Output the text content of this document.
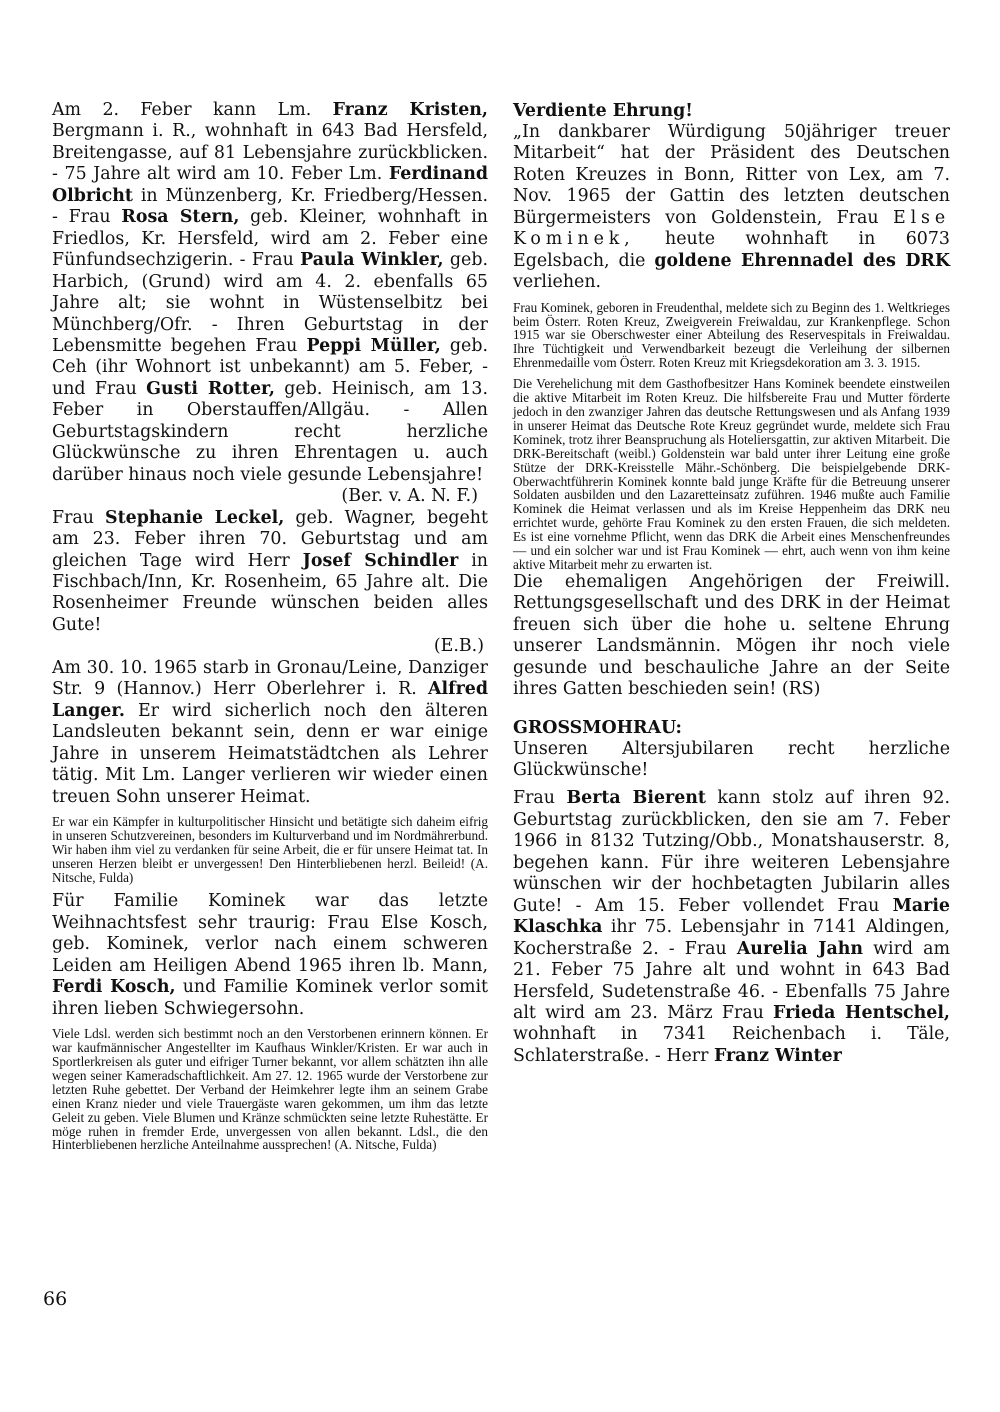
Am 2. Feber kann Lm. Franz Kristen, Bergmann i. R., wohnhaft in 643 Bad Hersfeld, Breitengasse, auf 81 Lebensjahre zurückblicken. - 75 Jahre alt wird am 10. Feber Lm. Ferdinand Olbricht in Münzenberg, Kr. Friedberg/Hessen. - Frau Rosa Stern, geb. Kleiner, wohnhaft in Friedlos, Kr. Hersfeld, wird am 2. Feber eine Fünfundsechzigerin. - Frau Paula Winkler, geb. Harbich, (Grund) wird am 4. 2. ebenfalls 65 Jahre alt; sie wohnt in Wüstenselbitz bei Münchberg/Ofr. - Ihren Geburtstag in der Lebensmitte begehen Frau Peppi Müller, geb. Ceh (ihr Wohnort ist unbekannt) am 5. Feber, - und Frau Gusti Rotter, geb. Heinisch, am 13. Feber in Oberstauffen/Allgäu. - Allen Geburtstagskindern recht herzliche Glückwünsche zu ihren Ehrentagen u. auch darüber hinaus noch viele gesunde Lebensjahre!

(Ber. v. A. N. F.)

Frau Stephanie Leckel, geb. Wagner, begeht am 23. Feber ihren 70. Geburtstag und am gleichen Tage wird Herr Josef Schindler in Fischbach/Inn, Kr. Rosenheim, 65 Jahre alt. Die Rosenheimer Freunde wünschen beiden alles Gute!

(E.B.)

Am 30. 10. 1965 starb in Gronau/Leine, Danziger Str. 9 (Hannov.) Herr Oberlehrer i. R. Alfred Langer. Er wird sicherlich noch den älteren Landsleuten bekannt sein, denn er war einige Jahre in unserem Heimatstädtchen als Lehrer tätig. Mit Lm. Langer verlieren wir wieder einen treuen Sohn unserer Heimat.

Er war ein Kämpfer in kulturpolitischer Hinsicht und betätigte sich daheim eifrig in unseren Schutzvereinen, besonders im Kulturverband und im Nordmährerbund. Wir haben ihm viel zu verdanken für seine Arbeit, die er für unsere Heimat tat. In unseren Herzen bleibt er unvergessen! Den Hinterbliebenen herzl. Beileid! (A. Nitsche, Fulda)

Für Familie Kominek war das letzte Weihnachtsfest sehr traurig: Frau Else Kosch, geb. Kominek, verlor nach einem schweren Leiden am Heiligen Abend 1965 ihren lb. Mann, Ferdi Kosch, und Familie Kominek verlor somit ihren lieben Schwiegersohn.

Viele Ldsl. werden sich bestimmt noch an den Verstorbenen erinnern können. Er war kaufmännischer Angestellter im Kaufhaus Winkler/Kristen. Er war auch in Sportlerkreisen als guter und eifriger Turner bekannt, vor allem schätzten ihn alle wegen seiner Kameradschaftlichkeit. Am 27. 12. 1965 wurde der Verstorbene zur letzten Ruhe gebettet. Der Verband der Heimkehrer legte ihm an seinem Grabe einen Kranz nieder und viele Trauergäste waren gekommen, um ihm das letzte Geleit zu geben. Viele Blumen und Kränze schmückten seine letzte Ruhestätte. Er möge ruhen in fremder Erde, unvergessen von allen bekannt. Ldsl., die den Hinterbliebenen herzliche Anteilnahme aussprechen! (A. Nitsche, Fulda)

Verdiente Ehrung!

„In dankbarer Würdigung 50jähriger treuer Mitarbeit“ hat der Präsident des Deutschen Roten Kreuzes in Bonn, Ritter von Lex, am 7. Nov. 1965 der Gattin des letzten deutschen Bürgermeisters von Goldenstein, Frau Else Kominek, heute wohnhaft in 6073 Egelsbach, die goldene Ehrennadel des DRK verliehen.

Frau Kominek, geboren in Freudenthal, meldete sich zu Beginn des 1. Weltkrieges beim Österr. Roten Kreuz, Zweigverein Freiwaldau, zur Krankenpflege. Schon 1915 war sie Oberschwester einer Abteilung des Reservespitals in Freiwaldau. Ihre Tüchtigkeit und Verwendbarkeit bezeugt die Verleihung der silbernen Ehrenmedaille vom Österr. Roten Kreuz mit Kriegsdekoration am 3. 3. 1915.

Die Verehelichung mit dem Gasthofbesitzer Hans Kominek beendete einstweilen die aktive Mitarbeit im Roten Kreuz. Die hilfsbereite Frau und Mutter förderte jedoch in den zwanziger Jahren das deutsche Rettungswesen und als Anfang 1939 in unserer Heimat das Deutsche Rote Kreuz gegründet wurde, meldete sich Frau Kominek, trotz ihrer Beanspruchung als Hoteliersgattin, zur aktiven Mitarbeit. Die DRK-Bereitschaft (weibl.) Goldenstein war bald unter ihrer Leitung eine große Stütze der DRK-Kreisstelle Mähr.-Schönberg. Die beispielgebende DRK-Oberwachtführerin Kominek konnte bald junge Kräfte für die Betreuung unserer Soldaten ausbilden und den Lazaretteinsatz zuführen. 1946 mußte auch Familie Kominek die Heimat verlassen und als im Kreise Heppenheim das DRK neu errichtet wurde, gehörte Frau Kominek zu den ersten Frauen, die sich meldeten. Es ist eine vornehme Pflicht, wenn das DRK die Arbeit eines Menschenfreundes — und ein solcher war und ist Frau Kominek — ehrt, auch wenn von ihm keine aktive Mitarbeit mehr zu erwarten ist.

Die ehemaligen Angehörigen der Freiwill. Rettungsgesellschaft und des DRK in der Heimat freuen sich über die hohe u. seltene Ehrung unserer Landsmännin. Mögen ihr noch viele gesunde und beschauliche Jahre an der Seite ihres Gatten beschieden sein! (RS)

GROSSMOHRAU:

Unseren Altersjubilaren recht herzliche Glückwünsche!

Frau Berta Bierent kann stolz auf ihren 92. Geburtstag zurückblicken, den sie am 7. Feber 1966 in 8132 Tutzing/Obb., Monatshauserstr. 8, begehen kann. Für ihre weiteren Lebensjahre wünschen wir der hochbetagten Jubilarin alles Gute! - Am 15. Feber vollendet Frau Marie Klaschka ihr 75. Lebensjahr in 7141 Aldingen, Kocherstraße 2. - Frau Aurelia Jahn wird am 21. Feber 75 Jahre alt und wohnt in 643 Bad Hersfeld, Sudetenstraße 46. - Ebenfalls 75 Jahre alt wird am 23. März Frau Frieda Hentschel, wohnhaft in 7341 Reichenbach i. Täle, Schlaterstraße. - Herr Franz Winter

66
